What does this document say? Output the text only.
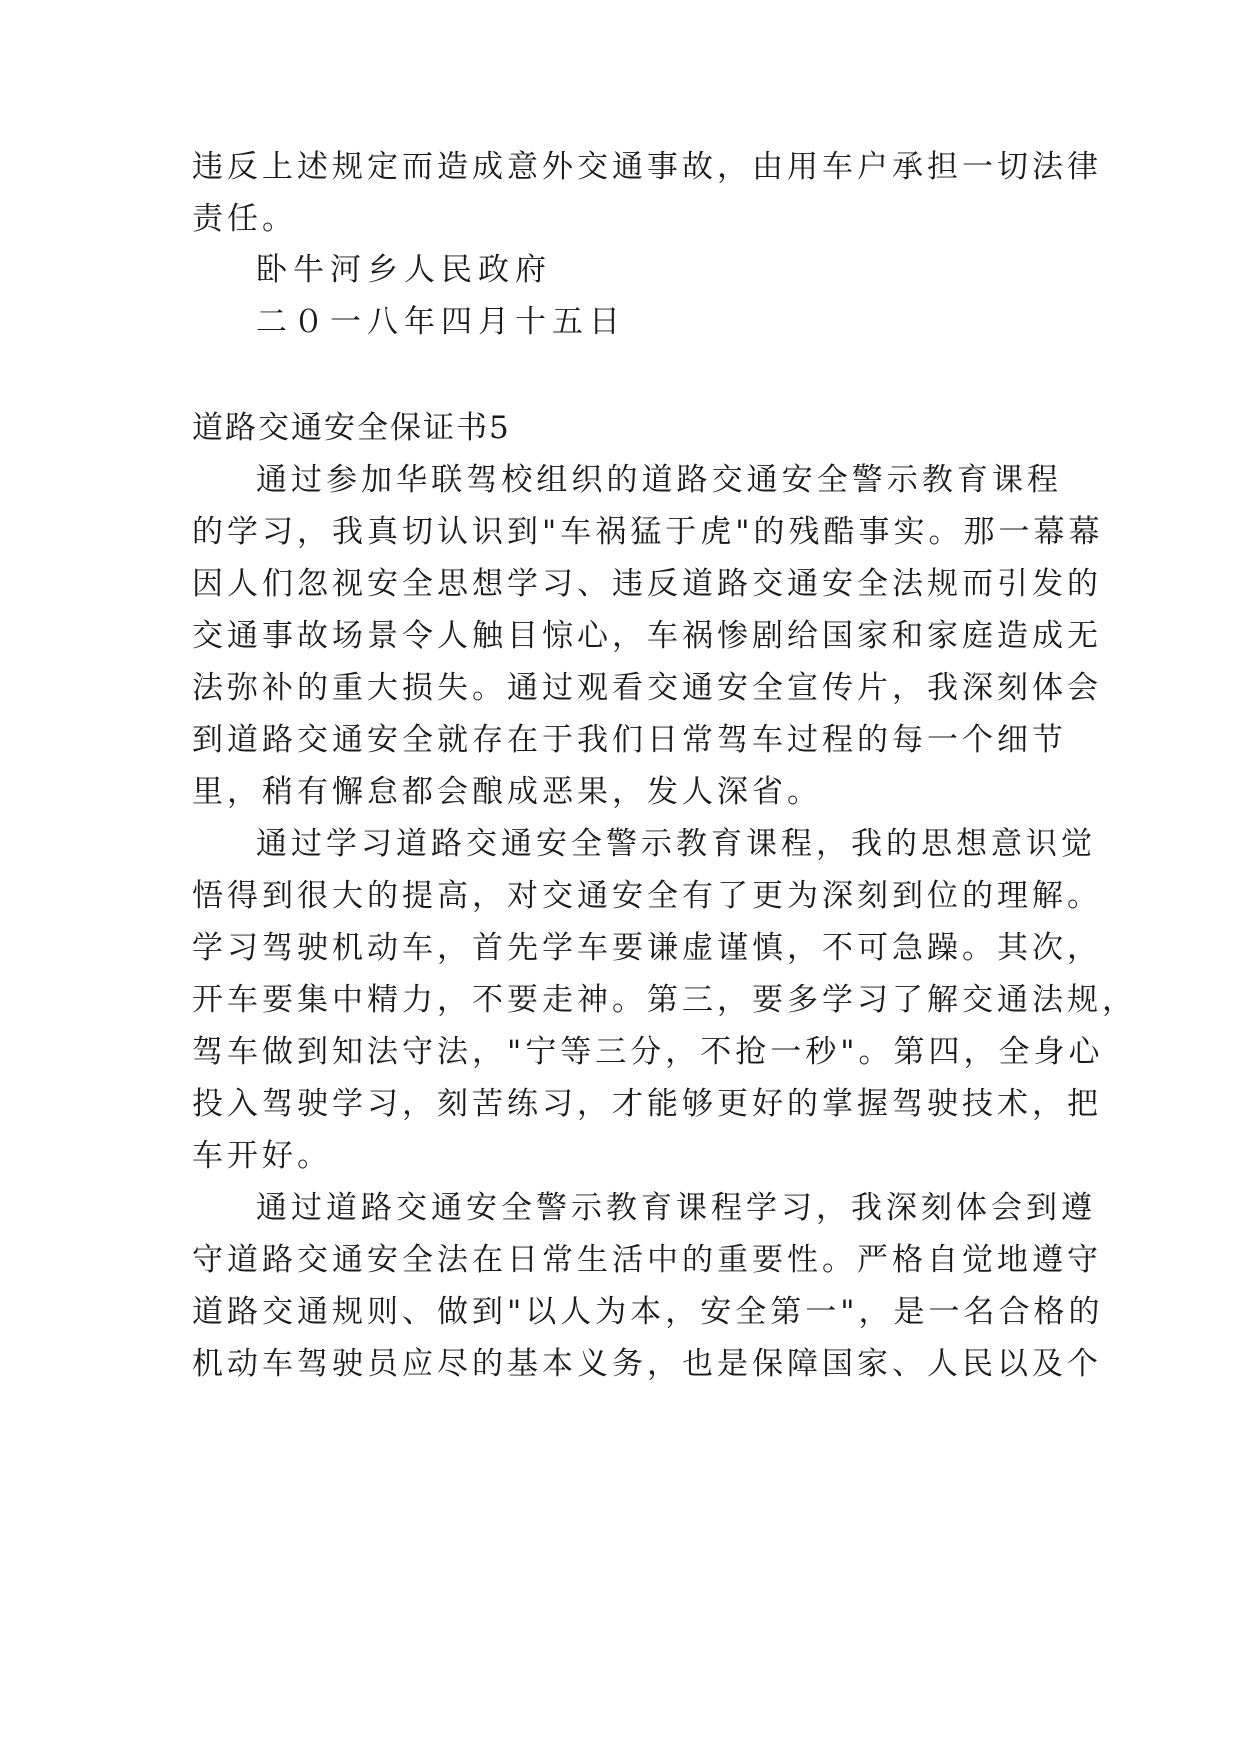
违反上述规定而造成意外交通事故，由用车户承担一切法律
责任。
卧牛河乡人民政府
二０一八年四月十五日
道路交通安全保证书5
通过参加华联驾校组织的道路交通安全警示教育课程
的学习，我真切认识到"车祸猛于虎"的残酷事实。那一幕幕
因人们忽视安全思想学习、违反道路交通安全法规而引发的
交通事故场景令人触目惊心，车祸惨剧给国家和家庭造成无
法弥补的重大损失。通过观看交通安全宣传片，我深刻体会
到道路交通安全就存在于我们日常驾车过程的每一个细节
里，稍有懈怠都会酿成恶果，发人深省。
通过学习道路交通安全警示教育课程，我的思想意识觉
悟得到很大的提高，对交通安全有了更为深刻到位的理解。
学习驾驶机动车，首先学车要谦虚谨慎，不可急躁。其次，
开车要集中精力，不要走神。第三，要多学习了解交通法规，
驾车做到知法守法，"宁等三分，不抢一秒"。第四，全身心
投入驾驶学习，刻苦练习，才能够更好的掌握驾驶技术，把
车开好。
通过道路交通安全警示教育课程学习，我深刻体会到遵
守道路交通安全法在日常生活中的重要性。严格自觉地遵守
道路交通规则、做到"以人为本，安全第一"，是一名合格的
机动车驾驶员应尽的基本义务，也是保障国家、人民以及个
